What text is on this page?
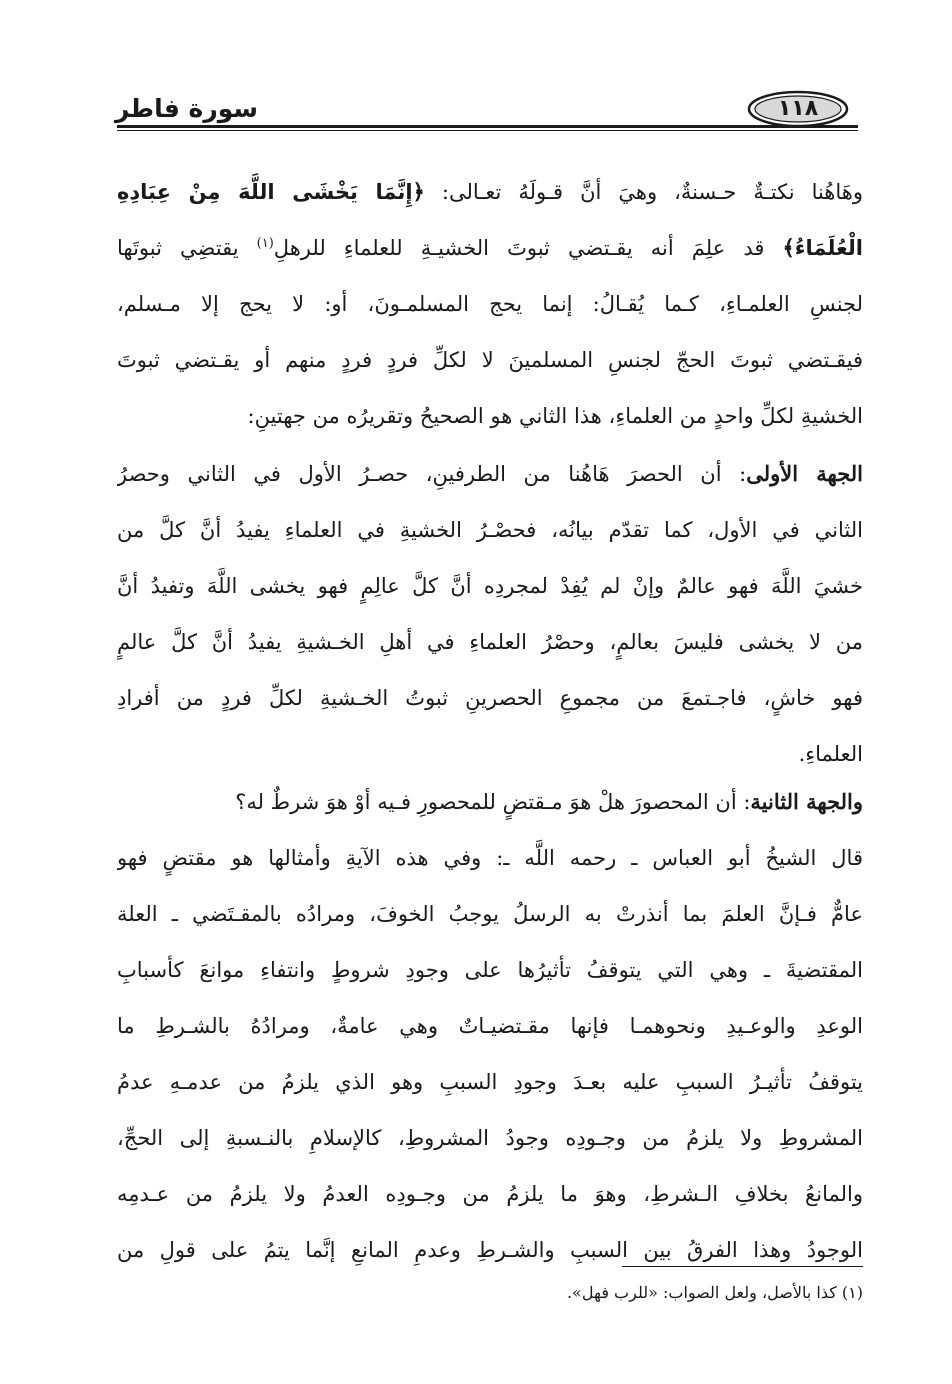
سورة فاطر	١١٨
وهَاهُنا نكتـةٌ حـسنةٌ، وهيَ أنَّ قـولَهُ تعـالى: ﴿إِنَّمَا يَخْشَى اللَّهَ مِنْ عِبَادِهِ
الْعُلَمَاءُ﴾ قد علِمَ أنه يقـتضي ثبوتَ الخشيـةِ للعلماءِ للرهلِ$^{(١)}$ يقتضِي ثبوتَها
لجنسِ العلمـاءِ، كـما يُقـالُ: إنما يحج المسلمـونَ، أو: لا يحج إلا مـسلم،
فيقـتضي ثبوتَ الحجّ لجنسِ المسلمينَ لا لكلِّ فردٍ فردٍ منهم أو يقـتضي ثبوتَ
الخشيةِ لكلِّ واحدٍ من العلماءِ، هذا الثاني هو الصحيحُ وتقريرُه من جهتينِ:
الجهة الأولى: أن الحصرَ هَاهُنا من الطرفينِ، حصـرُ الأول في الثاني وحصرُ
الثاني في الأول، كما تقدّم بيانُه، فحصْـرُ الخشيةِ في العلماءِ يفيدُ أنَّ كلَّ من
خشيَ اللَّهَ فهو عالمٌ وإنْ لم يُفِدْ لمجردِه أنَّ كلَّ عالِمٍ فهو يخشى اللَّهَ وتفيدُ أنَّ
من لا يخشى فليسَ بعالمٍ، وحصْرُ العلماءِ في أهلِ الخـشيةِ يفيدُ أنَّ كلَّ عالمٍ
فهو خاشٍ، فاجـتمعَ من مجموعِ الحصرينِ ثبوتُ الخـشيةِ لكلِّ فردٍ من أفرادِ
العلماءِ.
والجهة الثانية: أن المحصورَ هلْ هوَ مـقتضٍ للمحصورِ فـيه أوْ هوَ شرطٌ له؟
قال الشيخُ أبو العباس ـ رحمه اللَّه ـ: وفي هذه الآيةِ وأمثالها هو مقتضٍ فهو
عامٌّ فـإنَّ العلمَ بما أنذرتْ به الرسلُ يوجبُ الخوفَ، ومرادُه بالمقـتَضي ـ العلة
المقتضيةَ ـ وهي التي يتوقفُ تأثيرُها على وجودِ شروطٍ وانتفاءِ موانعَ كأسبابِ
الوعدِ والوعـيدِ ونحوهمـا فإنها مقـتضيـاتٌ وهي عامةٌ، ومرادُهُ بالشـرطِ ما
يتوقفُ تأثيـرُ السببِ عليه بعـدَ وجودِ السببِ وهو الذي يلزمُ من عدمـهِ عدمُ
المشروطِ ولا يلزمُ من وجـودِه وجودُ المشروطِ، كالإسلامِ بالنـسبةِ إلى الحجِّ،
والمانعُ بخلافِ الـشرطِ، وهوَ ما يلزمُ من وجـودِه العدمُ ولا يلزمُ من عـدمِه
الوجودُ وهذا الفرقُ بين السببِ والشـرطِ وعدمِ المانعِ إنَّما يتمُ على قولِ من
(١) كذا بالأصل، ولعل الصواب: «للرب فهل».
